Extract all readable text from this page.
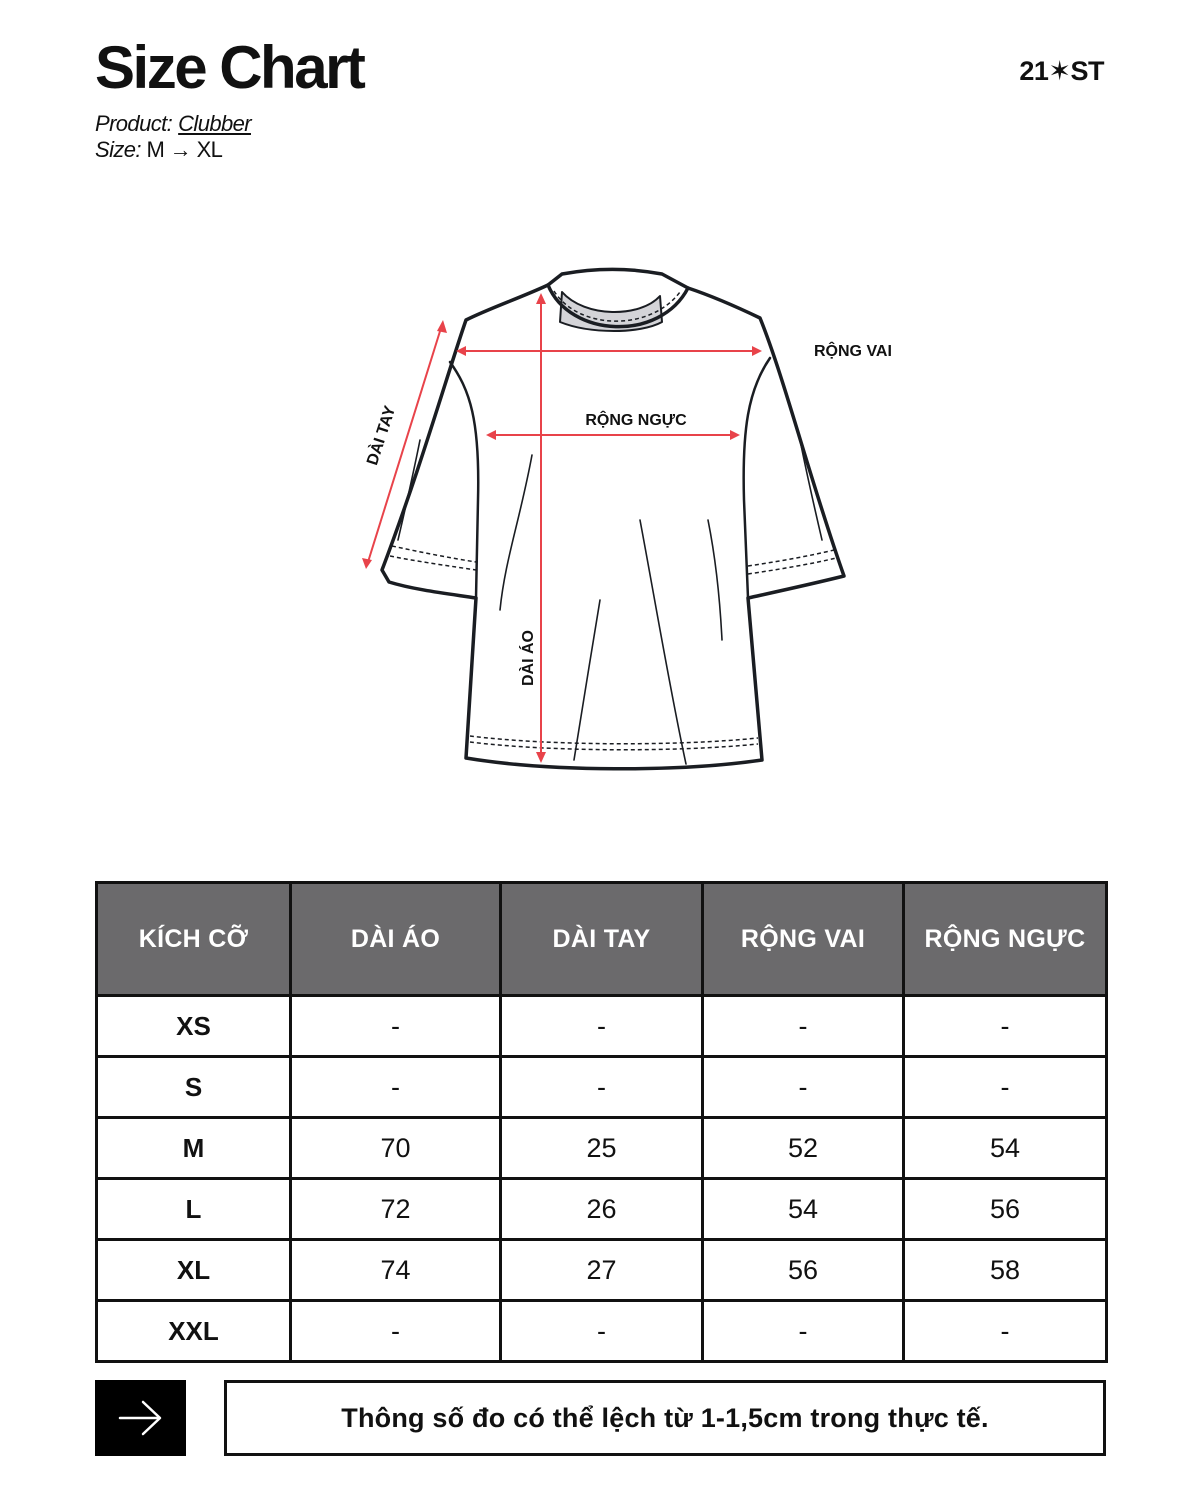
Size Chart	21✶ST
Product: Clubber
Size: M → XL
RỘNG VAI
RỘNG NGỰC
DÀI TAY
DÀI ÁO
KÍCH CỠ	DÀI ÁO	DÀI TAY	RỘNG VAI	RỘNG NGỰC
XS	-	-	-	-
S	-	-	-	-
M	70	25	52	54
L	72	26	54	56
XL	74	27	56	58
XXL	-	-	-	-
Thông số đo có thể lệch từ 1-1,5cm trong thực tế.
